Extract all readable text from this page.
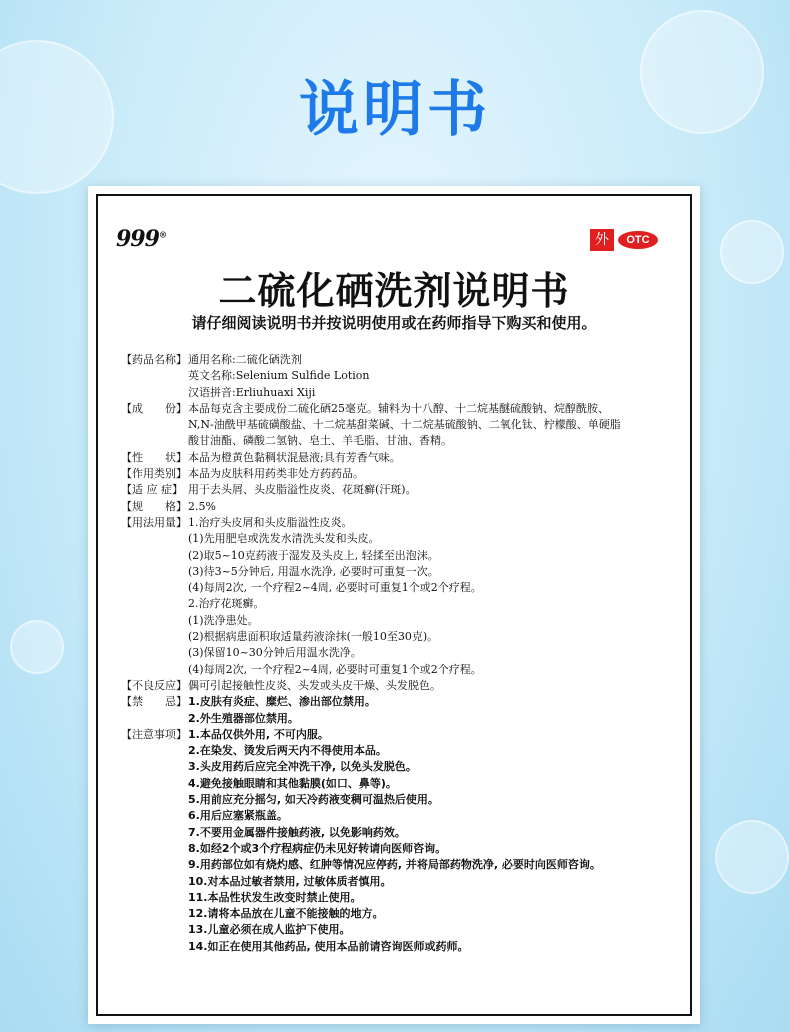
说明书
999®	外	OTC
二硫化硒洗剂说明书
请仔细阅读说明书并按说明使用或在药师指导下购买和使用。
【药品名称】 通用名称:二硫化硒洗剂
英文名称:Selenium Sulfide Lotion
汉语拼音:Erliuhuaxi Xiji
【成　　份】 本品每克含主要成份二硫化硒25毫克。辅料为十八醇、十二烷基醚硫酸钠、烷醇酰胺、
N,N-油酰甲基硫磺酸盐、十二烷基甜菜碱、十二烷基硫酸钠、二氧化钛、柠檬酸、单硬脂
酸甘油酯、磷酸二氢钠、皂土、羊毛脂、甘油、香精。
【性　　状】 本品为橙黄色黏稠状混悬液;具有芳香气味。
【作用类别】 本品为皮肤科用药类非处方药药品。
【适 应 症】 用于去头屑、头皮脂溢性皮炎、花斑癣(汗斑)。
【规　　格】 2.5%
【用法用量】 1.治疗头皮屑和头皮脂溢性皮炎。
(1)先用肥皂或洗发水清洗头发和头皮。
(2)取5~10克药液于湿发及头皮上, 轻揉至出泡沫。
(3)待3~5分钟后, 用温水洗净, 必要时可重复一次。
(4)每周2次, 一个疗程2~4周, 必要时可重复1个或2个疗程。
2.治疗花斑癣。
(1)洗净患处。
(2)根据病患面积取适量药液涂抹(一般10至30克)。
(3)保留10~30分钟后用温水洗净。
(4)每周2次, 一个疗程2~4周, 必要时可重复1个或2个疗程。
【不良反应】 偶可引起接触性皮炎、头发或头皮干燥、头发脱色。
【禁　　忌】 1.皮肤有炎症、糜烂、渗出部位禁用。
2.外生殖器部位禁用。
【注意事项】 1.本品仅供外用, 不可内服。
2.在染发、烫发后两天内不得使用本品。
3.头皮用药后应完全冲洗干净, 以免头发脱色。
4.避免接触眼睛和其他黏膜(如口、鼻等)。
5.用前应充分摇匀, 如天冷药液变稠可温热后使用。
6.用后应塞紧瓶盖。
7.不要用金属器件接触药液, 以免影响药效。
8.如经2个或3个疗程病症仍未见好转请向医师咨询。
9.用药部位如有烧灼感、红肿等情况应停药, 并将局部药物洗净, 必要时向医师咨询。
10.对本品过敏者禁用, 过敏体质者慎用。
11.本品性状发生改变时禁止使用。
12.请将本品放在儿童不能接触的地方。
13.儿童必须在成人监护下使用。
14.如正在使用其他药品, 使用本品前请咨询医师或药师。
